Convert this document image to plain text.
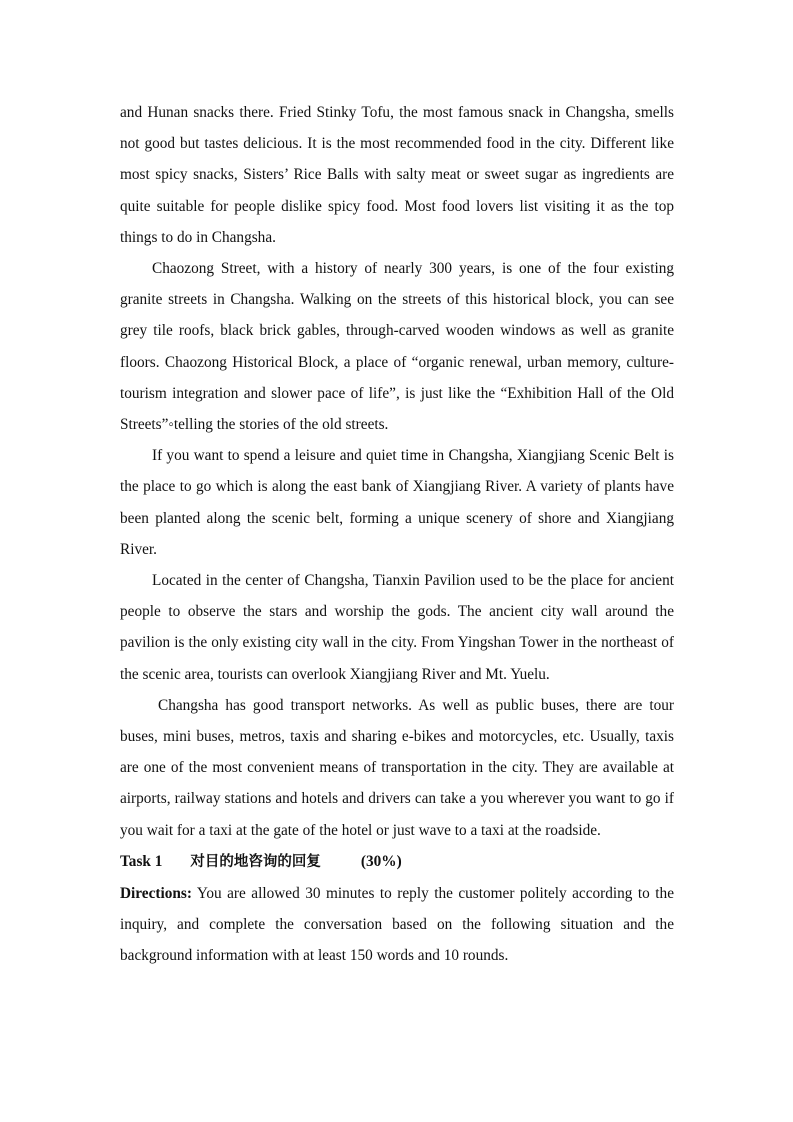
and Hunan snacks there. Fried Stinky Tofu, the most famous snack in Changsha, smells not good but tastes delicious. It is the most recommended food in the city. Different like most spicy snacks, Sisters’ Rice Balls with salty meat or sweet sugar as ingredients are quite suitable for people dislike spicy food. Most food lovers list visiting it as the top things to do in Changsha.

Chaozong Street, with a history of nearly 300 years, is one of the four existing granite streets in Changsha. Walking on the streets of this historical block, you can see grey tile roofs, black brick gables, through-carved wooden windows as well as granite floors. Chaozong Historical Block, a place of “organic renewal, urban memory, culture-tourism integration and slower pace of life”, is just like the “Exhibition Hall of the Old Streets”◦telling the stories of the old streets.

If you want to spend a leisure and quiet time in Changsha, Xiangjiang Scenic Belt is the place to go which is along the east bank of Xiangjiang River. A variety of plants have been planted along the scenic belt, forming a unique scenery of shore and Xiangjiang River.

Located in the center of Changsha, Tianxin Pavilion used to be the place for ancient people to observe the stars and worship the gods. The ancient city wall around the pavilion is the only existing city wall in the city. From Yingshan Tower in the northeast of the scenic area, tourists can overlook Xiangjiang River and Mt. Yuelu.

Changsha has good transport networks. As well as public buses, there are tour buses, mini buses, metros, taxis and sharing e-bikes and motorcycles, etc. Usually, taxis are one of the most convenient means of transportation in the city. They are available at airports, railway stations and hotels and drivers can take a you wherever you want to go if you wait for a taxi at the gate of the hotel or just wave to a taxi at the roadside.

Task 1 对目的地咨询的回复	(30%)

Directions: You are allowed 30 minutes to reply the customer politely according to the inquiry, and complete the conversation based on the following situation and the background information with at least 150 words and 10 rounds.
